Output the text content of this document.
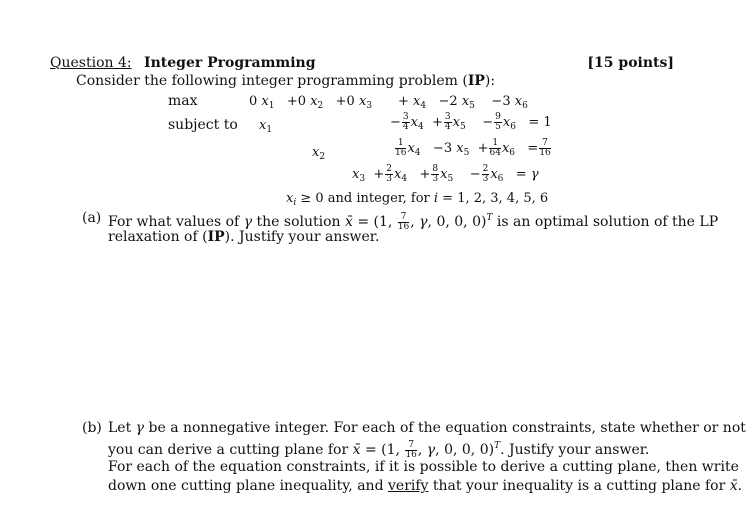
Question 4: Integer Programming	[15 points]
Consider the following integer programming problem (IP):
max	0 $x_1 +0$ $x_2 +0$ $x_3 + x_4 -2$ $x_5$    −3 $x_6$
subject to $x_1$	− $\frac{3}{4} x_4 + \frac{3}{4} x_5$    − $\frac{9}{5} x_6 = 1$
$x_2$	$\frac{1}{16} x_4 -3$ $x_5 + \frac{1}{64} x_6 = \frac{7}{16}$
$x_3 + \frac{2}{3} x_4 + \frac{8}{3} x_5$    − $\frac{2}{3} x_6 = \gamma$
$x_i \ge 0$ and integer, for i = 1, 2, 3, 4, 5, 6
(a) For what values of γ the solution x̄ = (1, $\frac{7}{16}$ , γ, 0, 0, 0)$^T$ is an optimal solution of the LP
relaxation of (IP). Justify your answer.
(b) Let γ be a nonnegative integer. For each of the equation constraints, state whether or not
you can derive a cutting plane for x̄ = (1, $\frac{7}{16}$ , γ, 0, 0, 0)$^T$. Justify your answer.
For each of the equation constraints, if it is possible to derive a cutting plane, then write
down one cutting plane inequality, and verify that your inequality is a cutting plane for x̄.
